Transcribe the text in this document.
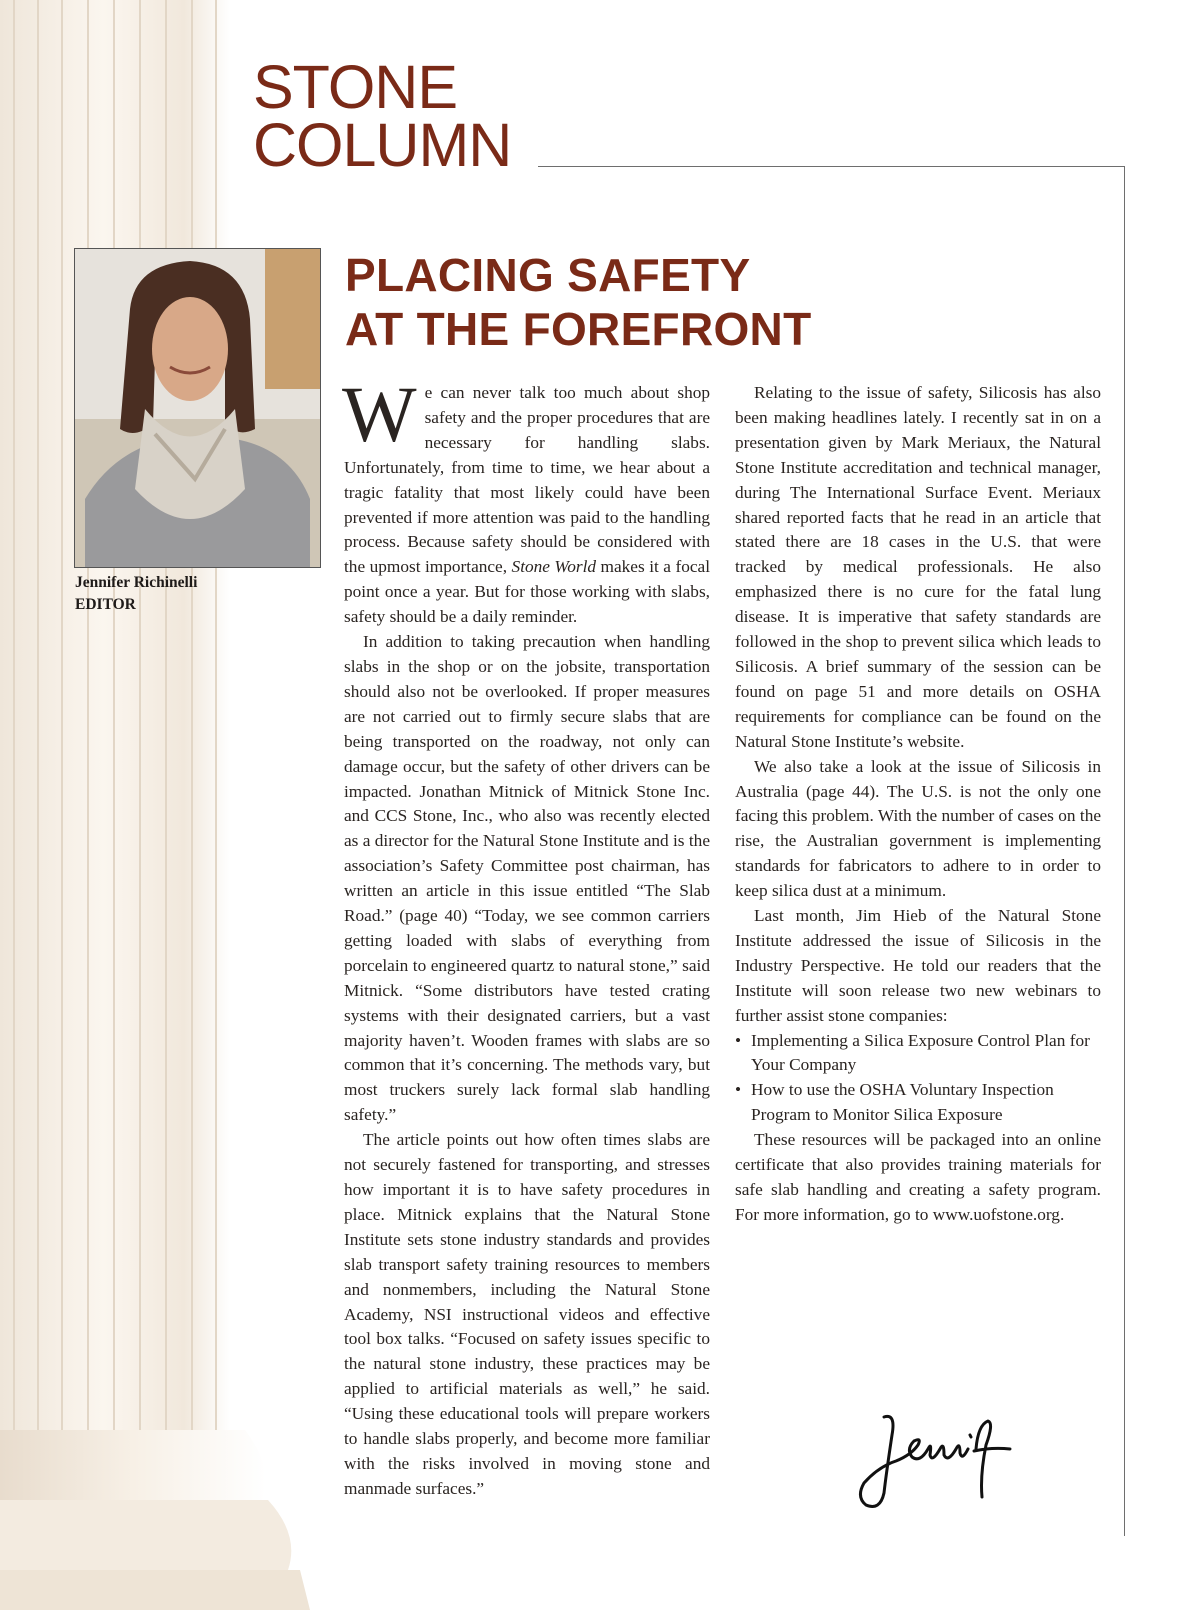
STONE
COLUMN
Jennifer Richinelli
EDITOR
PLACING SAFETY
AT THE FOREFRONT

We can never talk too much about shop safety and the proper procedures that are necessary for handling slabs. Unfortunately, from time to time, we hear about a tragic fatality that most likely could have been prevented if more attention was paid to the handling process. Because safety should be considered with the upmost importance, Stone World makes it a focal point once a year. But for those working with slabs, safety should be a daily reminder.

In addition to taking precaution when handling slabs in the shop or on the jobsite, transportation should also not be overlooked. If proper measures are not carried out to firmly secure slabs that are being transported on the roadway, not only can damage occur, but the safety of other drivers can be impacted. Jonathan Mitnick of Mitnick Stone Inc. and CCS Stone, Inc., who also was recently elected as a director for the Natural Stone Institute and is the association’s Safety Committee post chairman, has written an article in this issue entitled “The Slab Road.” (page 40) “Today, we see common carriers getting loaded with slabs of everything from porcelain to engineered quartz to natural stone,” said Mitnick. “Some distributors have tested crating systems with their designated carriers, but a vast majority haven’t. Wooden frames with slabs are so common that it’s concerning. The methods vary, but most truckers surely lack formal slab handling safety.”

The article points out how often times slabs are not securely fastened for transporting, and stresses how important it is to have safety procedures in place. Mitnick explains that the Natural Stone Institute sets stone industry standards and provides slab transport safety training resources to members and nonmembers, including the Natural Stone Academy, NSI instructional videos and effective tool box talks. “Focused on safety issues specific to the natural stone industry, these practices may be applied to artificial materials as well,” he said. “Using these educational tools will prepare workers to handle slabs properly, and become more familiar with the risks involved in moving stone and manmade surfaces.”

Relating to the issue of safety, Silicosis has also been making headlines lately. I recently sat in on a presentation given by Mark Meriaux, the Natural Stone Institute accreditation and technical manager, during The International Surface Event. Meriaux shared reported facts that he read in an article that stated there are 18 cases in the U.S. that were tracked by medical professionals. He also emphasized there is no cure for the fatal lung disease. It is imperative that safety standards are followed in the shop to prevent silica which leads to Silicosis. A brief summary of the session can be found on page 51 and more details on OSHA requirements for compliance can be found on the Natural Stone Institute’s website.

We also take a look at the issue of Silicosis in Australia (page 44). The U.S. is not the only one facing this problem. With the number of cases on the rise, the Australian government is implementing standards for fabricators to adhere to in order to keep silica dust at a minimum.

Last month, Jim Hieb of the Natural Stone Institute addressed the issue of Silicosis in the Industry Perspective. He told our readers that the Institute will soon release two new webinars to further assist stone companies:

• Implementing a Silica Exposure Control Plan for Your Company
• How to use the OSHA Voluntary Inspection Program to Monitor Silica Exposure

These resources will be packaged into an online certificate that also provides training materials for safe slab handling and creating a safety program. For more information, go to www.uofstone.org.
